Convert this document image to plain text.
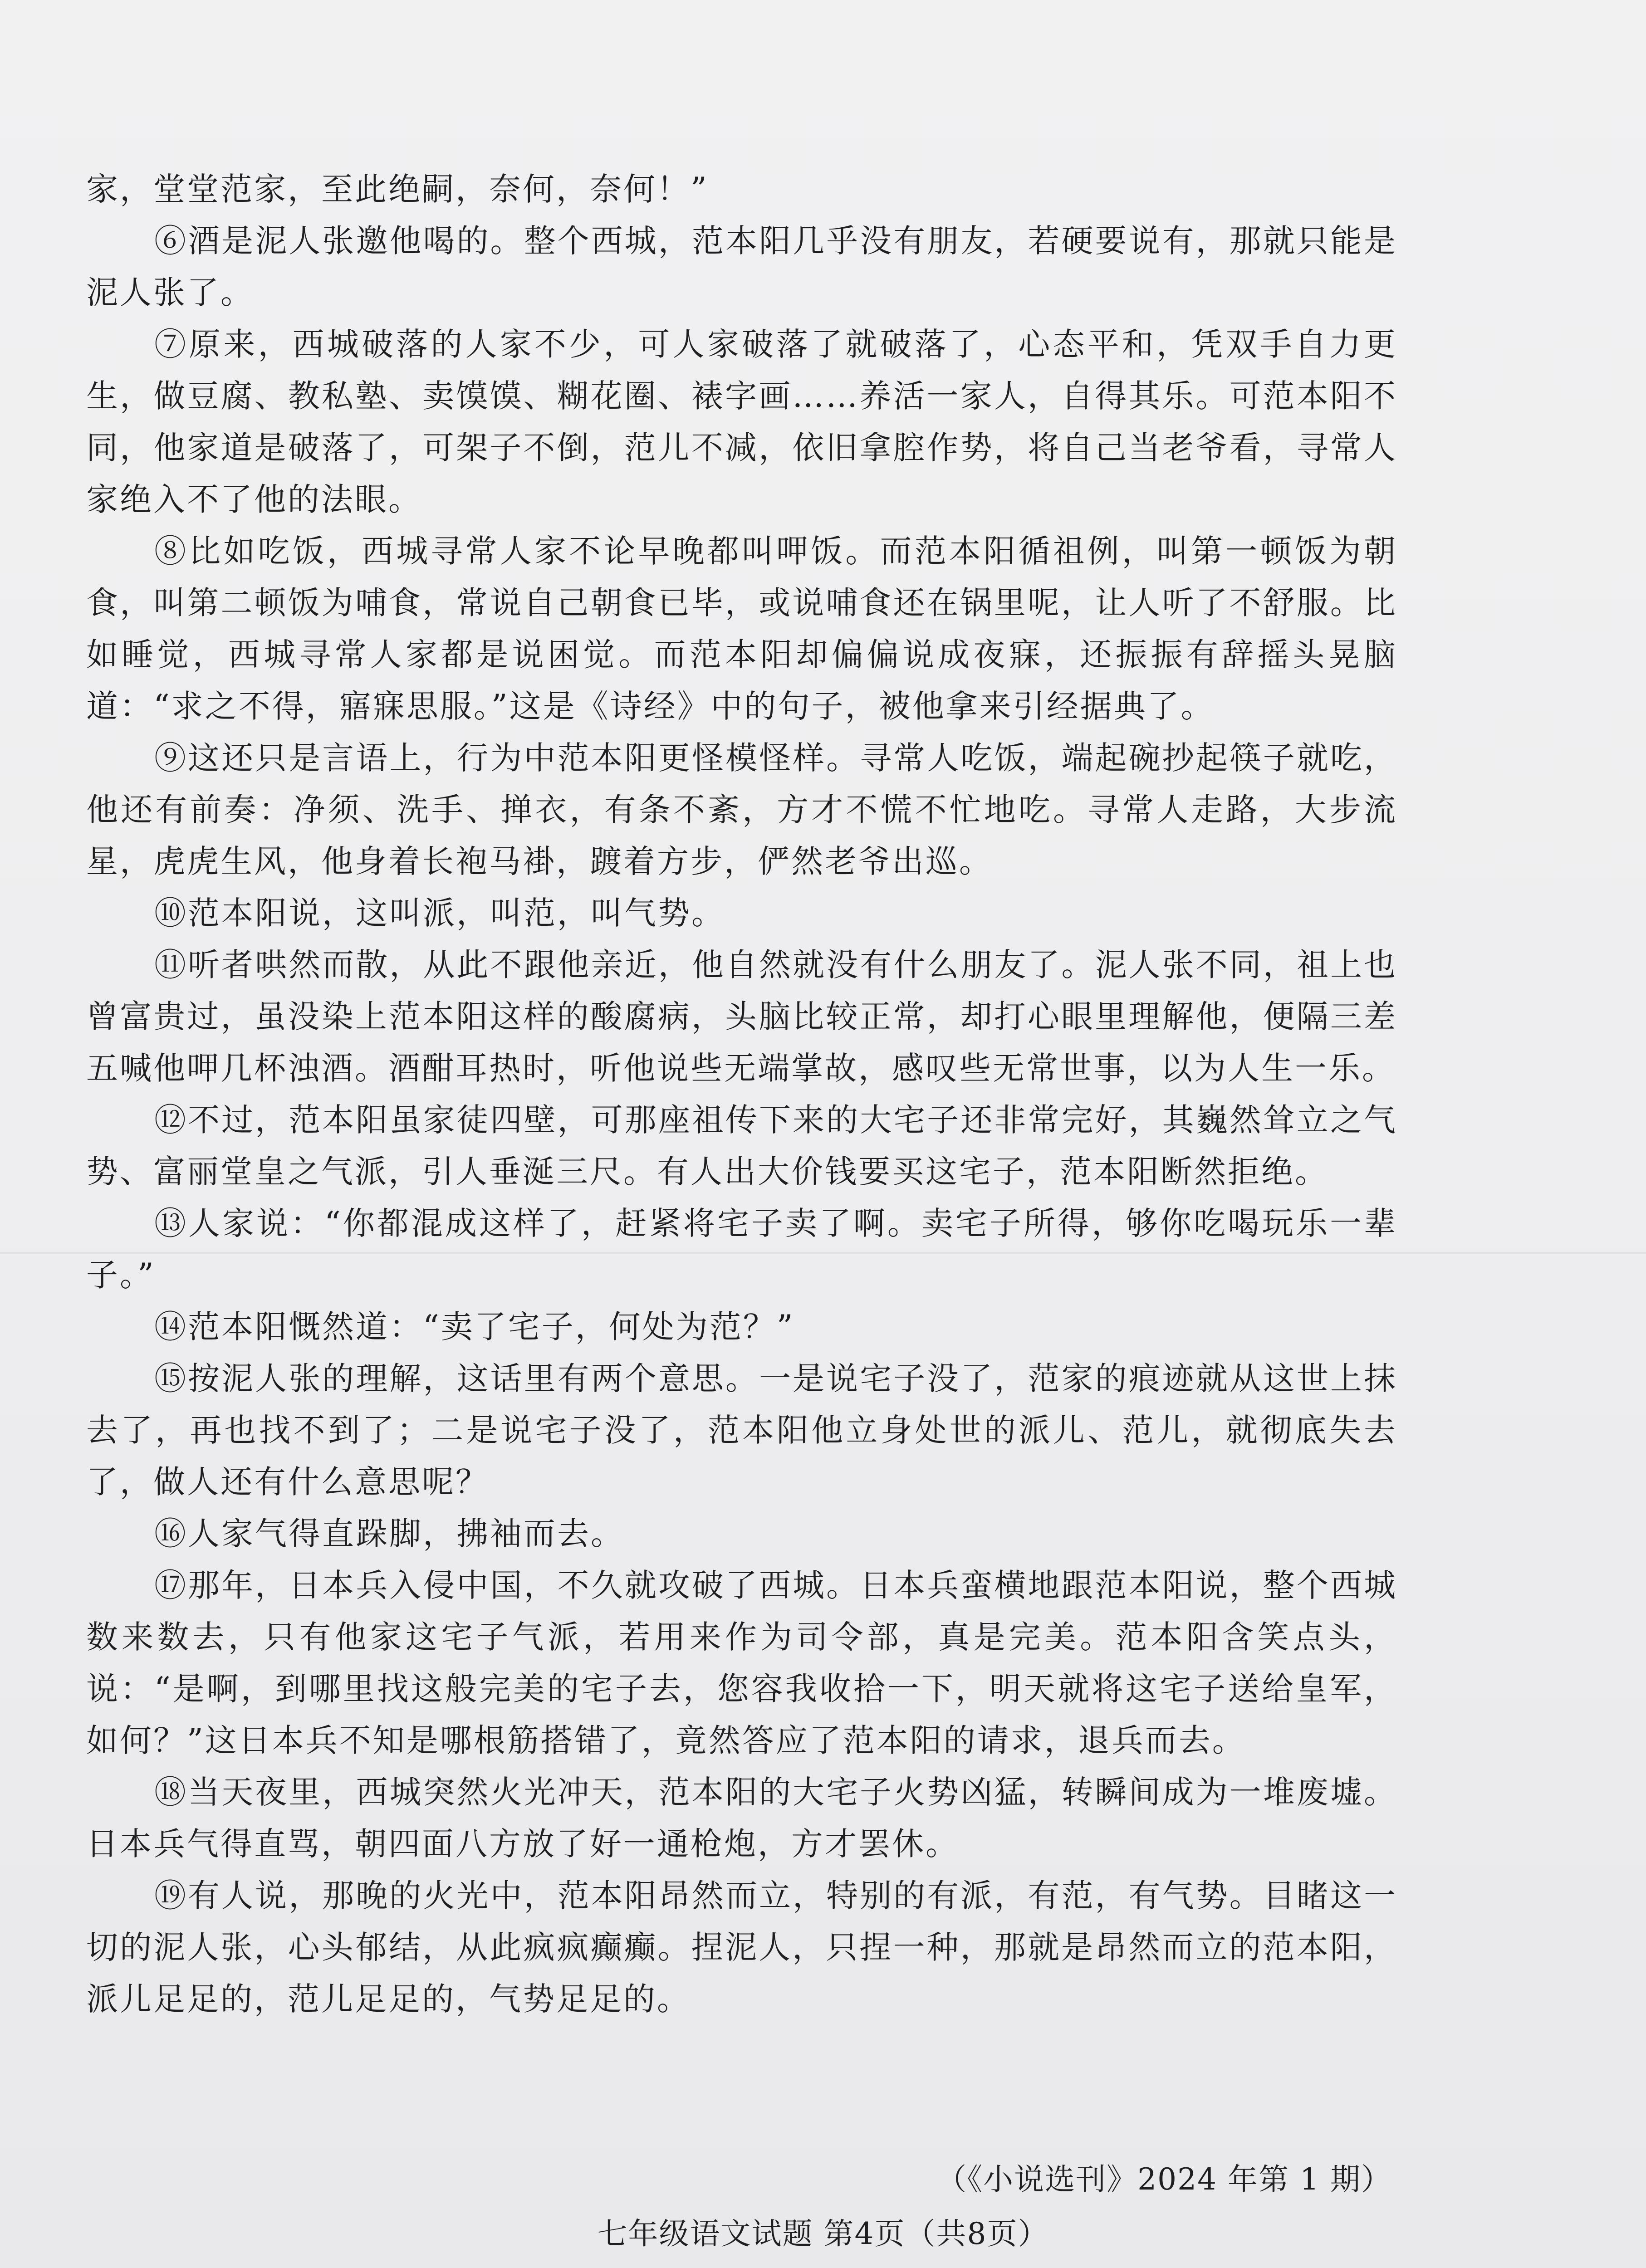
家，堂堂范家，至此绝嗣，奈何，奈何！”

⑥酒是泥人张邀他喝的。整个西城，范本阳几乎没有朋友，若硬要说有，那就只能是泥人张了。

⑦原来，西城破落的人家不少，可人家破落了就破落了，心态平和，凭双手自力更生，做豆腐、教私塾、卖馍馍、糊花圈、裱字画……养活一家人，自得其乐。可范本阳不同，他家道是破落了，可架子不倒，范儿不减，依旧拿腔作势，将自己当老爷看，寻常人家绝入不了他的法眼。

⑧比如吃饭，西城寻常人家不论早晚都叫呷饭。而范本阳循祖例，叫第一顿饭为朝食，叫第二顿饭为哺食，常说自己朝食已毕，或说哺食还在锅里呢，让人听了不舒服。比如睡觉，西城寻常人家都是说困觉。而范本阳却偏偏说成夜寐，还振振有辞摇头晃脑道：“求之不得，寤寐思服。”这是《诗经》中的句子，被他拿来引经据典了。

⑨这还只是言语上，行为中范本阳更怪模怪样。寻常人吃饭，端起碗抄起筷子就吃，他还有前奏：净须、洗手、掸衣，有条不紊，方才不慌不忙地吃。寻常人走路，大步流星，虎虎生风，他身着长袍马褂，踱着方步，俨然老爷出巡。

⑩范本阳说，这叫派，叫范，叫气势。

⑪听者哄然而散，从此不跟他亲近，他自然就没有什么朋友了。泥人张不同，祖上也曾富贵过，虽没染上范本阳这样的酸腐病，头脑比较正常，却打心眼里理解他，便隔三差五喊他呷几杯浊酒。酒酣耳热时，听他说些无端掌故，感叹些无常世事，以为人生一乐。

⑫不过，范本阳虽家徒四壁，可那座祖传下来的大宅子还非常完好，其巍然耸立之气势、富丽堂皇之气派，引人垂涎三尺。有人出大价钱要买这宅子，范本阳断然拒绝。

⑬人家说：“你都混成这样了，赶紧将宅子卖了啊。卖宅子所得，够你吃喝玩乐一辈子。”

⑭范本阳慨然道：“卖了宅子，何处为范？”

⑮按泥人张的理解，这话里有两个意思。一是说宅子没了，范家的痕迹就从这世上抹去了，再也找不到了；二是说宅子没了，范本阳他立身处世的派儿、范儿，就彻底失去了，做人还有什么意思呢？

⑯人家气得直跺脚，拂袖而去。

⑰那年，日本兵入侵中国，不久就攻破了西城。日本兵蛮横地跟范本阳说，整个西城数来数去，只有他家这宅子气派，若用来作为司令部，真是完美。范本阳含笑点头，说：“是啊，到哪里找这般完美的宅子去，您容我收拾一下，明天就将这宅子送给皇军，如何？”这日本兵不知是哪根筋搭错了，竟然答应了范本阳的请求，退兵而去。

⑱当天夜里，西城突然火光冲天，范本阳的大宅子火势凶猛，转瞬间成为一堆废墟。日本兵气得直骂，朝四面八方放了好一通枪炮，方才罢休。

⑲有人说，那晚的火光中，范本阳昂然而立，特别的有派，有范，有气势。目睹这一切的泥人张，心头郁结，从此疯疯癫癫。捏泥人，只捏一种，那就是昂然而立的范本阳，派儿足足的，范儿足足的，气势足足的。

（《小说选刊》2024 年第 1 期）
七年级语文试题 第4页（共8页）
